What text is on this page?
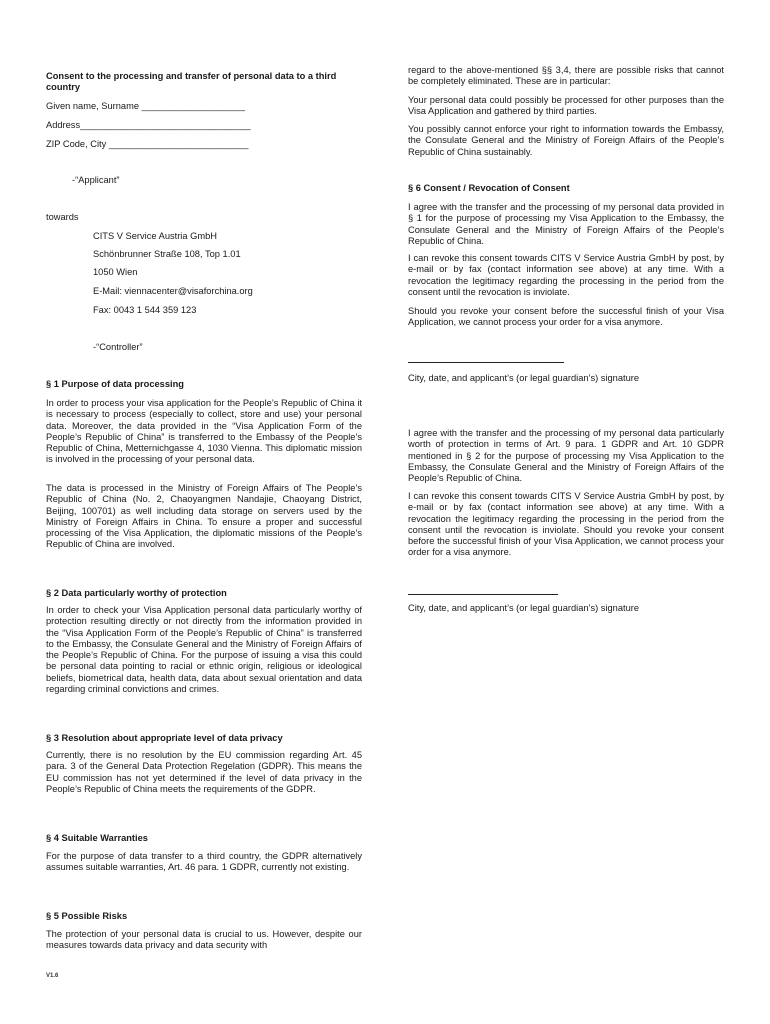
Consent to the processing and transfer of personal data to a third country

Given name, Surname ____________________

Address_________________________________

ZIP Code, City ___________________________

-“Applicant”

towards

CITS V Service Austria GmbH

Schönbrunner Straße 108, Top 1.01

1050 Wien

E-Mail: viennacenter@visaforchina.org

Fax: 0043 1 544 359 123

-“Controller”

§ 1 Purpose of data processing

In order to process your visa application for the People’s Republic of China it is necessary to process (especially to collect, store and use) your personal data. Moreover, the data provided in the “Visa Application Form of the People’s Republic of China” is transferred to the Embassy of the People’s Republic of China, Metternichgasse 4, 1030 Vienna. This diplomatic mission is involved in the processing of your personal data.

The data is processed in the Ministry of Foreign Affairs of The People’s Republic of China (No. 2, Chaoyangmen Nandajie, Chaoyang District, Beijing, 100701) as well including data storage on servers used by the Ministry of Foreign Affairs in China. To ensure a proper and successful processing of the Visa Application, the diplomatic missions of the People’s Republic of China are involved.

§ 2 Data particularly worthy of protection

In order to check your Visa Application personal data particularly worthy of protection resulting directly or not directly from the information provided in the “Visa Application Form of the People’s Republic of China” is transferred to the Embassy, the Consulate General and the Ministry of Foreign Affairs of the People’s Republic of China. For the purpose of issuing a visa this could be personal data pointing to racial or ethnic origin, religious or ideological beliefs, biometrical data, health data, data about sexual orientation and data regarding criminal convictions and crimes.

§ 3 Resolution about appropriate level of data privacy

Currently, there is no resolution by the EU commission regarding Art. 45 para. 3 of the General Data Protection Regelation (GDPR). This means the EU commission has not yet determined if the level of data privacy in the People’s Republic of China meets the requirements of the GDPR.

§ 4 Suitable Warranties

For the purpose of data transfer to a third country, the GDPR alternatively assumes suitable warranties, Art. 46 para. 1 GDPR, currently not existing.

§ 5 Possible Risks

The protection of your personal data is crucial to us. However, despite our measures towards data privacy and data security with

regard to the above-mentioned §§ 3,4, there are possible risks that cannot be completely eliminated. These are in particular:

Your personal data could possibly be processed for other purposes than the Visa Application and gathered by third parties.

You possibly cannot enforce your right to information towards the Embassy, the Consulate General and the Ministry of Foreign Affairs of the People’s Republic of China sustainably.

§ 6 Consent / Revocation of Consent

I agree with the transfer and the processing of my personal data provided in § 1 for the purpose of processing my Visa Application to the Embassy, the Consulate General and the Ministry of Foreign Affairs of the People’s Republic of China.

I can revoke this consent towards CITS V Service Austria GmbH by post, by e-mail or by fax (contact information see above) at any time. With a revocation the legitimacy regarding the processing in the period from the consent until the revocation is inviolate.

Should you revoke your consent before the successful finish of your Visa Application, we cannot process your order for a visa anymore.

City, date, and applicant’s (or legal guardian’s) signature

I agree with the transfer and the processing of my personal data particularly worth of protection in terms of Art. 9 para. 1 GDPR and Art. 10 GDPR mentioned in § 2 for the purpose of processing my Visa Application to the Embassy, the Consulate General and the Ministry of Foreign Affairs of the People’s Republic of China.

I can revoke this consent towards CITS V Service Austria GmbH by post, by e-mail or by fax (contact information see above) at any time. With a revocation the legitimacy regarding the processing in the period from the consent until the revocation is inviolate. Should you revoke your consent before the successful finish of your Visa Application, we cannot process your order for a visa anymore.

City, date, and applicant’s (or legal guardian’s) signature

V1.6
